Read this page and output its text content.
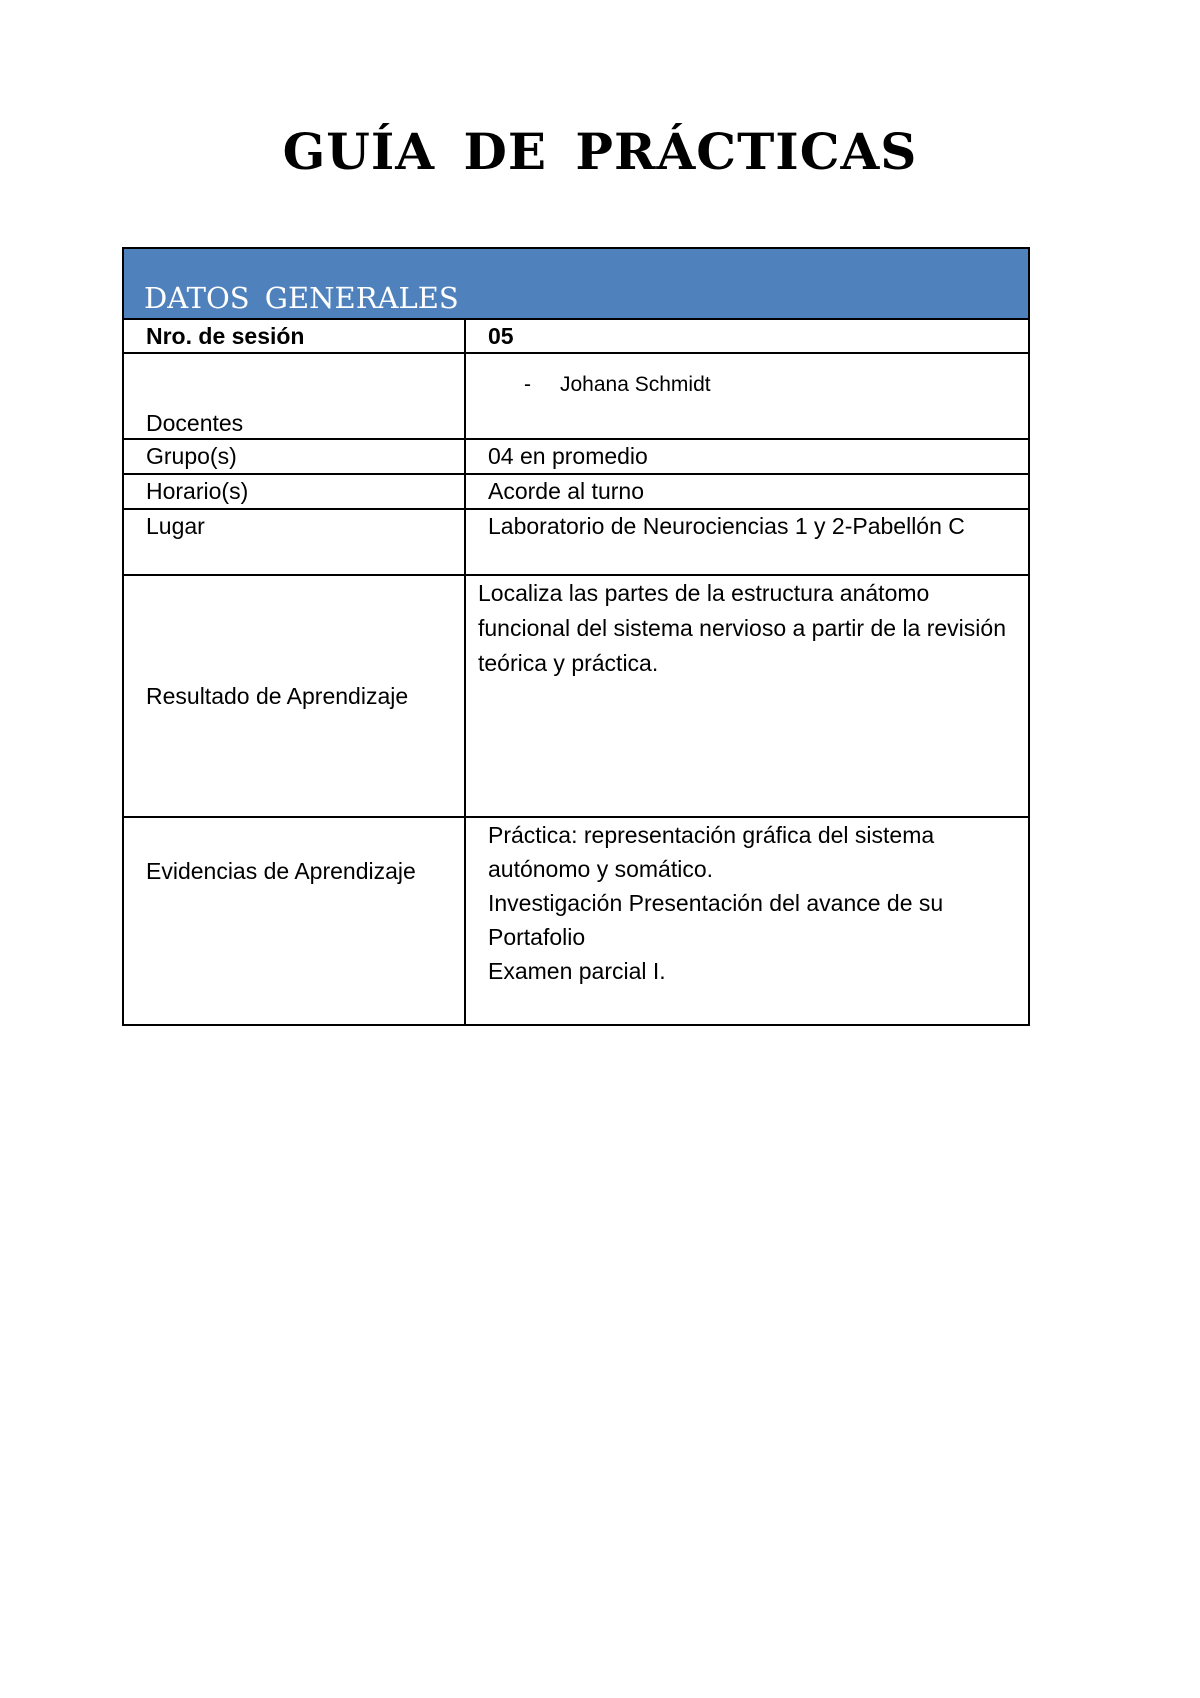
GUÍA DE PRÁCTICAS
DATOS GENERALES	
Nro. de sesión	05
Docentes	- Johana Schmidt

Grupo(s)	04 en promedio
Horario(s)	Acorde al turno
Lugar	Laboratorio de Neurociencias 1 y 2-Pabellón C
Resultado de Aprendizaje	Localiza las partes de la estructura anátomo funcional del sistema nervioso a partir de la revisión teórica y práctica.
Evidencias de Aprendizaje	Práctica: representación gráfica del sistema autónomo y somático.
Investigación Presentación del avance de su Portafolio
Examen parcial I.
